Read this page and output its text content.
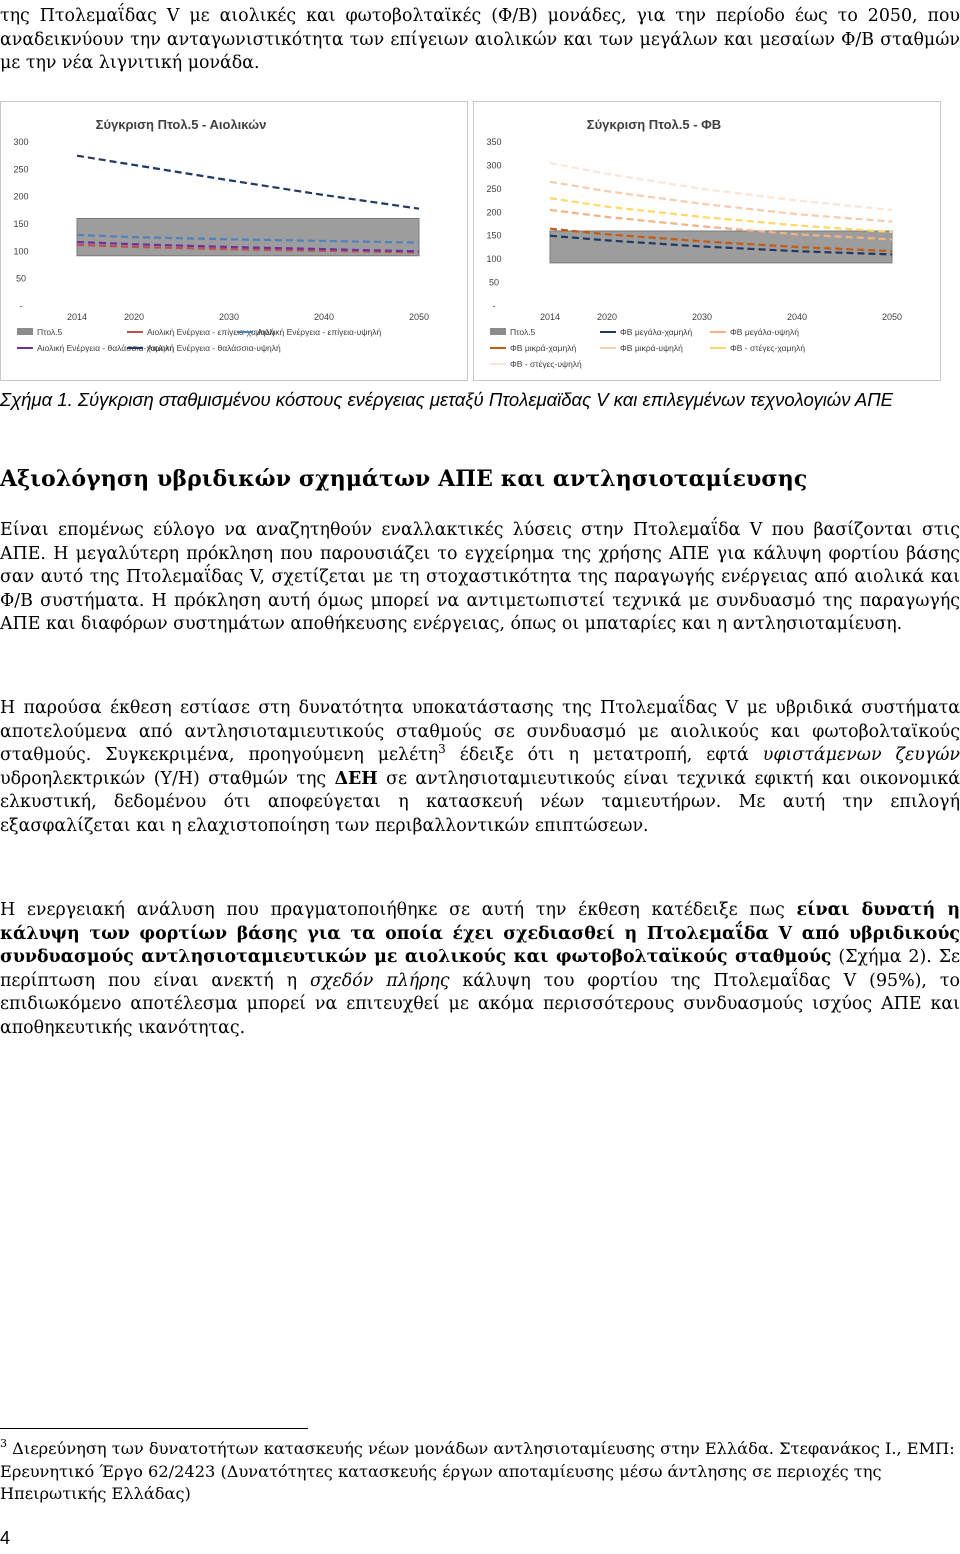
της Πτολεμαΐδας V με αιολικές και φωτοβολταϊκές (Φ/Β) μονάδες, για την περίοδο έως το 2050, που αναδεικνύουν την ανταγωνιστικότητα των επίγειων αιολικών και των μεγάλων και μεσαίων Φ/Β σταθμών με την νέα λιγνιτική μονάδα.

Σύγκριση Πτολ.5 - Αιολικών
-
50
100
150
200
250
300
2014	2020	2030	2040	2050
Πτολ.5	Αιολική Ενέργεια - επίγεια-χαμηλή
Αιολική Ενέργεια - επίγεια-υψηλή
Αιολική Ενέργεια - θαλάσσια-χαμηλή
Αιολική Ενέργεια - θαλάσσια-υψηλή
Σύγκριση Πτολ.5 - ΦΒ
-
50
100
150
200
250
300
350
2014	2020	2030	2040	2050
Πτολ.5	ΦΒ μεγάλα-χαμηλή	ΦΒ μεγάλα-υψηλή
ΦΒ μικρά-χαμηλή	ΦΒ μικρά-υψηλή	ΦΒ - στέγες-χαμηλή
ΦΒ - στέγες-υψηλή

Σχήμα 1. Σύγκριση σταθμισμένου κόστους ενέργειας μεταξύ Πτολεμαϊδας V και επιλεγμένων τεχνολογιών ΑΠΕ

Αξιολόγηση υβριδικών σχημάτων ΑΠΕ και αντλησιοταμίευσης

Είναι επομένως εύλογο να αναζητηθούν εναλλακτικές λύσεις στην Πτολεμαΐδα V που βασίζονται στις ΑΠΕ. Η μεγαλύτερη πρόκληση που παρουσιάζει το εγχείρημα της χρήσης ΑΠΕ για κάλυψη φορτίου βάσης σαν αυτό της Πτολεμαΐδας V, σχετίζεται με τη στοχαστικότητα της παραγωγής ενέργειας από αιολικά και Φ/Β συστήματα. Η πρόκληση αυτή όμως μπορεί να αντιμετωπιστεί τεχνικά με συνδυασμό της παραγωγής ΑΠΕ και διαφόρων συστημάτων αποθήκευσης ενέργειας, όπως οι μπαταρίες και η αντλησιοταμίευση.

Η παρούσα έκθεση εστίασε στη δυνατότητα υποκατάστασης της Πτολεμαΐδας V με υβριδικά συστήματα αποτελούμενα από αντλησιοταμιευτικούς σταθμούς σε συνδυασμό με αιολικούς και φωτοβολταϊκούς σταθμούς. Συγκεκριμένα, προηγούμενη μελέτη$^3$ έδειξε ότι η μετατροπή, εφτά υφιστάμενων ζευγών υδροηλεκτρικών (Υ/Η) σταθμών της ΔΕΗ σε αντλησιοταμιευτικούς είναι τεχνικά εφικτή και οικονομικά ελκυστική, δεδομένου ότι αποφεύγεται η κατασκευή νέων ταμιευτήρων. Με αυτή την επιλογή εξασφαλίζεται και η ελαχιστοποίηση των περιβαλλοντικών επιπτώσεων.

Η ενεργειακή ανάλυση που πραγματοποιήθηκε σε αυτή την έκθεση κατέδειξε πως είναι δυνατή η κάλυψη των φορτίων βάσης για τα οποία έχει σχεδιασθεί η Πτολεμαΐδα V από υβριδικούς συνδυασμούς αντλησιοταμιευτικών με αιολικούς και φωτοβολταϊκούς σταθμούς (Σχήμα 2). Σε περίπτωση που είναι ανεκτή η σχεδόν πλήρης κάλυψη του φορτίου της Πτολεμαΐδας V (95%), το επιδιωκόμενο αποτέλεσμα μπορεί να επιτευχθεί με ακόμα περισσότερους συνδυασμούς ισχύος ΑΠΕ και αποθηκευτικής ικανότητας.

$^3$ Διερεύνηση των δυνατοτήτων κατασκευής νέων μονάδων αντλησιοταμίευσης στην Ελλάδα. Στεφανάκος Ι., ΕΜΠ: Ερευνητικό Έργο 62/2423 (Δυνατότητες κατασκευής έργων αποταμίευσης μέσω άντλησης σε περιοχές της Ηπειρωτικής Ελλάδας)

4
